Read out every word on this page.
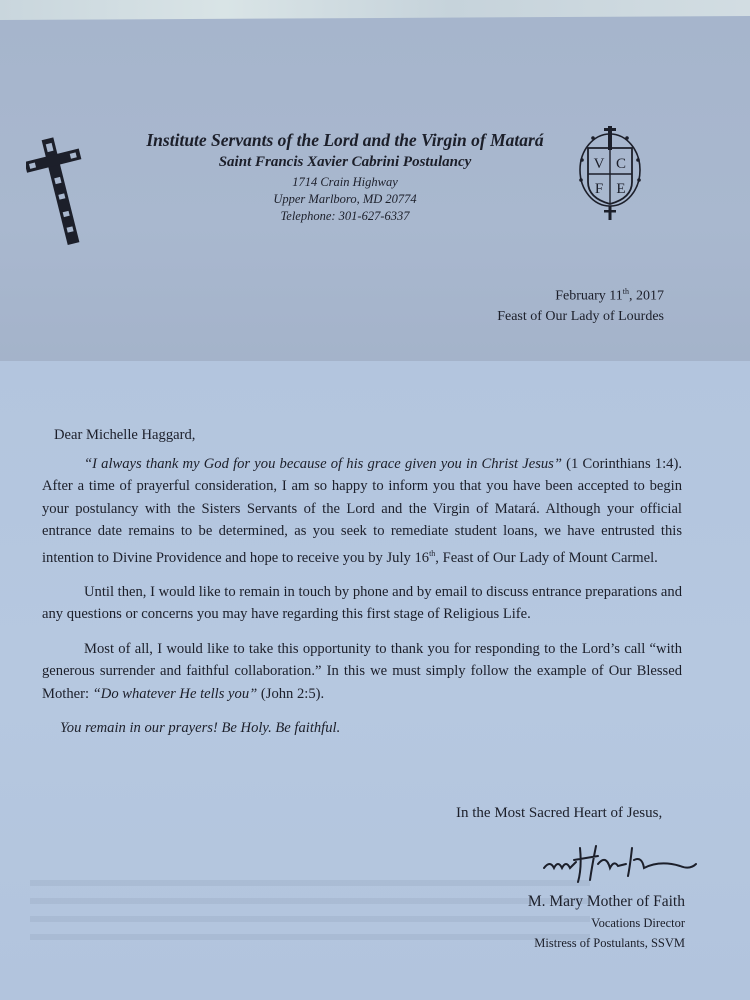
Institute Servants of the Lord and the Virgin of Matará
Saint Francis Xavier Cabrini Postulancy
1714 Crain Highway
Upper Marlboro, MD 20774
Telephone: 301-627-6337
V C
F E
February 11th, 2017
Feast of Our Lady of Lourdes
Dear Michelle Haggard,
“I always thank my God for you because of his grace given you in Christ Jesus” (1 Corinthians 1:4). After a time of prayerful consideration, I am so happy to inform you that you have been accepted to begin your postulancy with the Sisters Servants of the Lord and the Virgin of Matará. Although your official entrance date remains to be determined, as you seek to remediate student loans, we have entrusted this intention to Divine Providence and hope to receive you by July 16th, Feast of Our Lady of Mount Carmel.
Until then, I would like to remain in touch by phone and by email to discuss entrance preparations and any questions or concerns you may have regarding this first stage of Religious Life.
Most of all, I would like to take this opportunity to thank you for responding to the Lord’s call “with generous surrender and faithful collaboration.” In this we must simply follow the example of Our Blessed Mother: “Do whatever He tells you” (John 2:5).
You remain in our prayers! Be Holy. Be faithful.
In the Most Sacred Heart of Jesus,
M. Mary Mother of Faith
Vocations Director
Mistress of Postulants, SSVM
